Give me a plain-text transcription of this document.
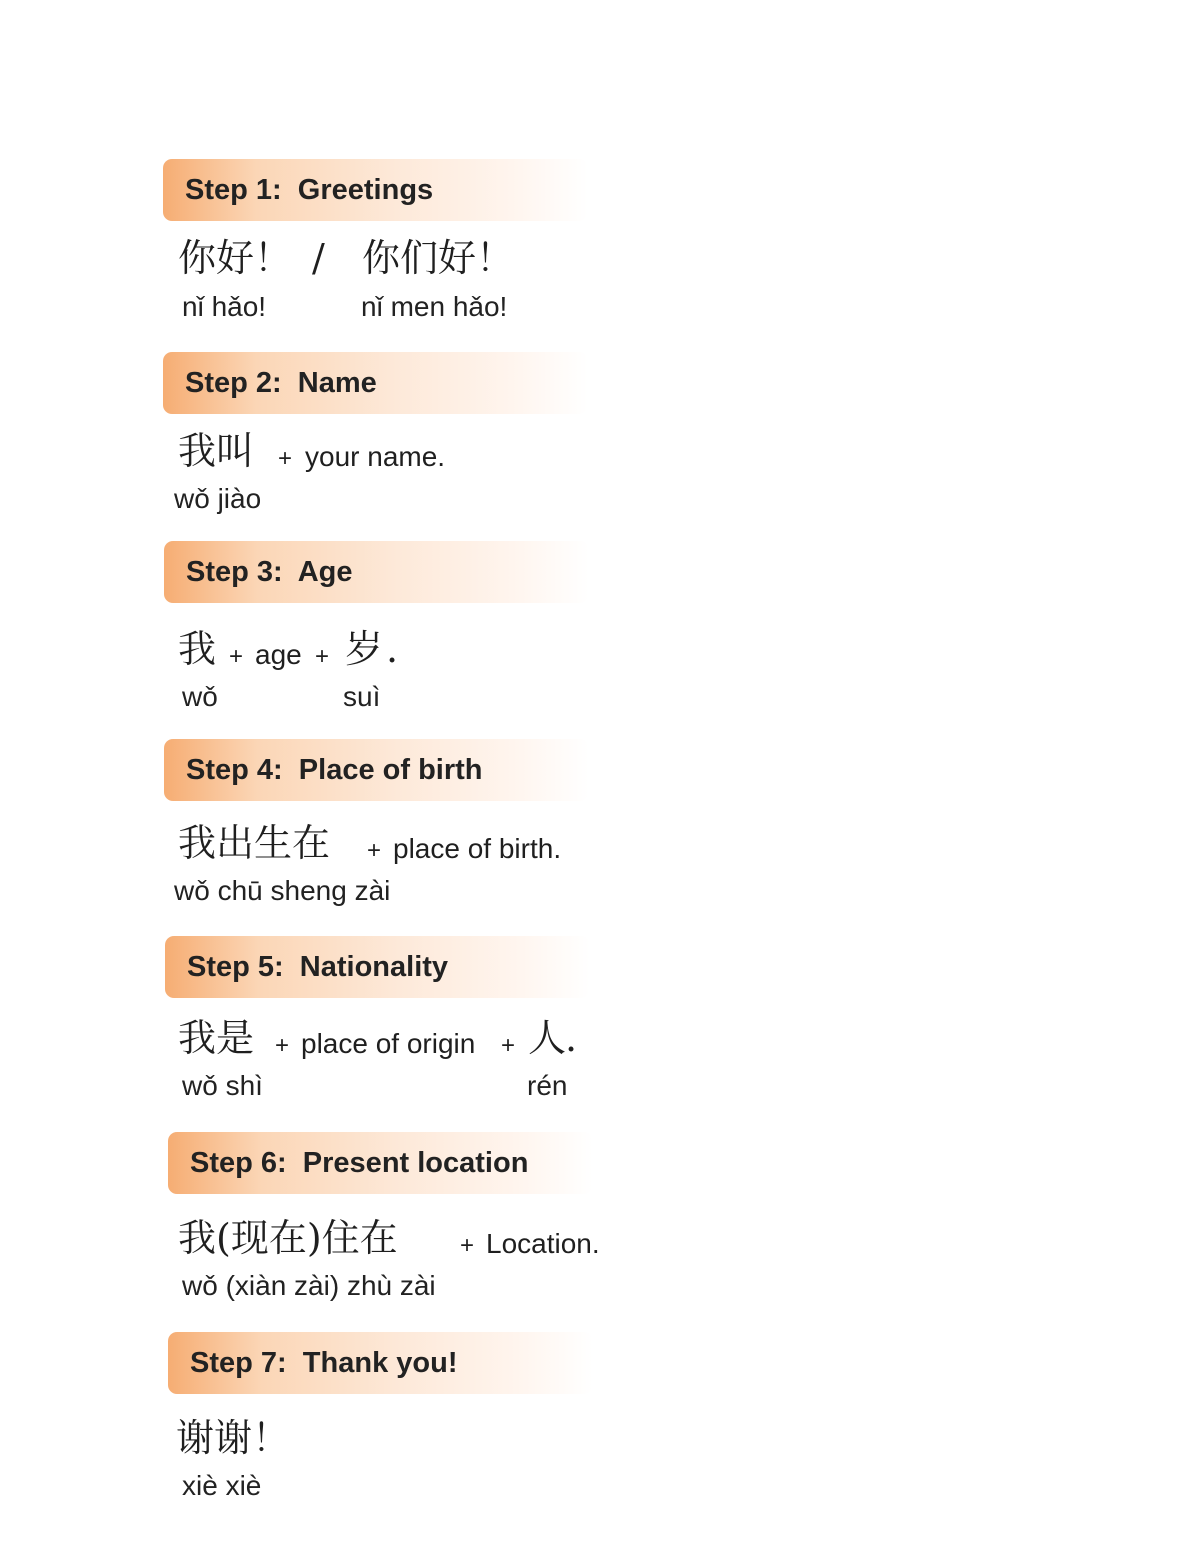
Step 1:  Greetings
你好！ / 你们好！
nǐ hǎo!	nǐ men hǎo!
Step 2:  Name
我叫 + your name.
wǒ jiào
Step 3:  Age
我 + age + 岁 .
wǒ	suì
Step 4:  Place of birth
我出生在 + place of birth.
wǒ chū sheng zài
Step 5:  Nationality
我是 + place of origin + 人
.
wǒ shì	rén
Step 6:  Present location
我(现在)住在	+ Location.
wǒ (xiàn zài) zhù zài
Step 7:  Thank you!
谢谢！
xiè xiè
